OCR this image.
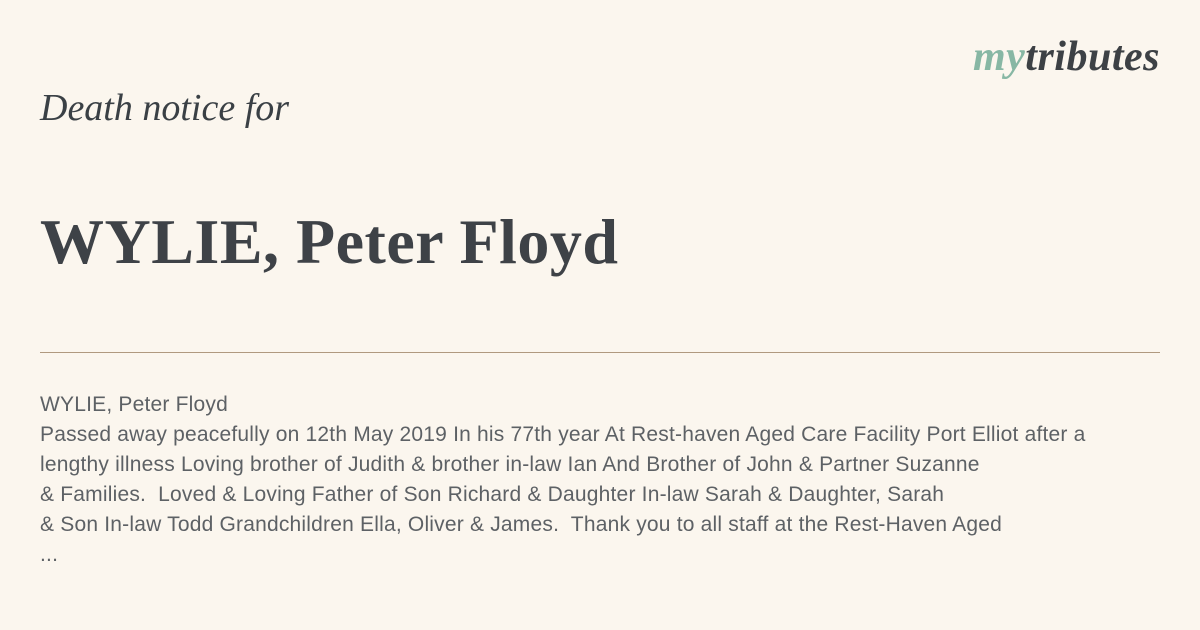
mytributes
Death notice for
WYLIE, Peter Floyd
WYLIE, Peter Floyd
Passed away peacefully on 12th May 2019 In his 77th year At Rest-haven Aged Care Facility Port Elliot after a
lengthy illness Loving brother of Judith & brother in-law Ian And Brother of John & Partner Suzanne
& Families.  Loved & Loving Father of Son Richard & Daughter In-law Sarah & Daughter, Sarah
& Son In-law Todd Grandchildren Ella, Oliver & James.  Thank you to all staff at the Rest-Haven Aged
...
